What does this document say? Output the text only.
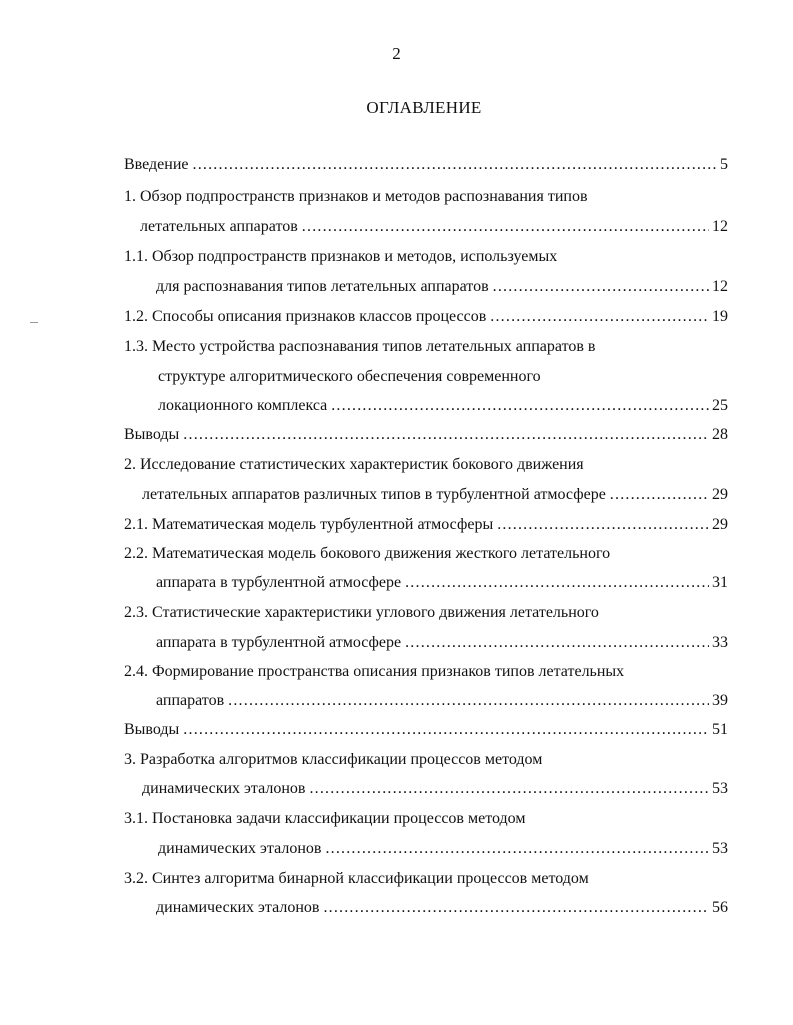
2
ОГЛАВЛЕНИЕ
Введение .....	5
1. Обзор подпространств признаков и методов распознавания типов
летательных аппаратов .....	12
1.1. Обзор подпространств признаков и методов, используемых
для распознавания типов летательных аппаратов .....	12
1.2. Способы описания признаков классов процессов .....	19
1.3. Место устройства распознавания типов летательных аппаратов в
структуре алгоритмического обеспечения современного
локационного комплекса .....	25
Выводы .....	28
2. Исследование статистических характеристик бокового движения
летательных аппаратов различных типов в турбулентной атмосфере .....	29
2.1. Математическая модель турбулентной атмосферы .....	29
2.2. Математическая модель бокового движения жесткого летательного
аппарата в турбулентной атмосфере .....	31
2.3. Статистические характеристики углового движения летательного
аппарата в турбулентной атмосфере .....	33
2.4. Формирование пространства описания признаков типов летательных
аппаратов .....	39
Выводы .....	51
3. Разработка алгоритмов классификации процессов методом
динамических эталонов .....	53
3.1. Постановка задачи классификации процессов методом
динамических эталонов .....	53
3.2. Синтез алгоритма бинарной классификации процессов методом
динамических эталонов .....	56
